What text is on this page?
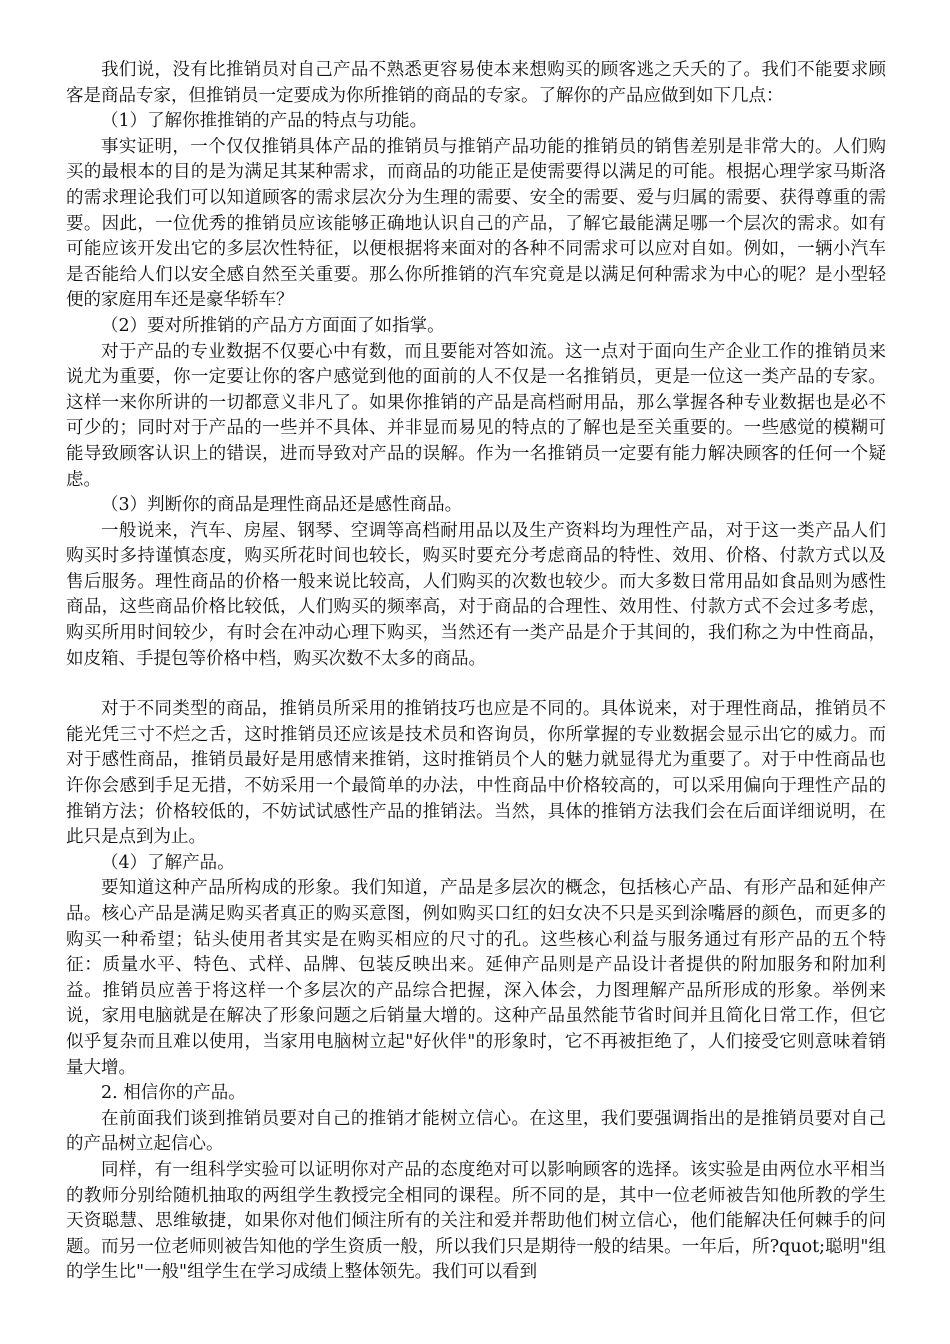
我们说，没有比推销员对自己产品不熟悉更容易使本来想购买的顾客逃之夭夭的了。我们不能要求顾客是商品专家，但推销员一定要成为你所推销的商品的专家。了解你的产品应做到如下几点：

（1）了解你推推销的产品的特点与功能。

事实证明，一个仅仅推销具体产品的推销员与推销产品功能的推销员的销售差别是非常大的。人们购买的最根本的目的是为满足其某种需求，而商品的功能正是使需要得以满足的可能。根据心理学家马斯洛的需求理论我们可以知道顾客的需求层次分为生理的需要、安全的需要、爱与归属的需要、获得尊重的需要。因此，一位优秀的推销员应该能够正确地认识自己的产品，了解它最能满足哪一个层次的需求。如有可能应该开发出它的多层次性特征，以便根据将来面对的各种不同需求可以应对自如。例如，一辆小汽车是否能给人们以安全感自然至关重要。那么你所推销的汽车究竟是以满足何种需求为中心的呢？是小型轻便的家庭用车还是豪华轿车？

（2）要对所推销的产品方方面面了如指掌。

对于产品的专业数据不仅要心中有数，而且要能对答如流。这一点对于面向生产企业工作的推销员来说尤为重要，你一定要让你的客户感觉到他的面前的人不仅是一名推销员，更是一位这一类产品的专家。这样一来你所讲的一切都意义非凡了。如果你推销的产品是高档耐用品，那么掌握各种专业数据也是必不可少的；同时对于产品的一些并不具体、并非显而易见的特点的了解也是至关重要的。一些感觉的模糊可能导致顾客认识上的错误，进而导致对产品的误解。作为一名推销员一定要有能力解决顾客的任何一个疑虑。

（3）判断你的商品是理性商品还是感性商品。

一般说来，汽车、房屋、钢琴、空调等高档耐用品以及生产资料均为理性产品，对于这一类产品人们购买时多持谨慎态度，购买所花时间也较长，购买时要充分考虑商品的特性、效用、价格、付款方式以及售后服务。理性商品的价格一般来说比较高，人们购买的次数也较少。而大多数日常用品如食品则为感性商品，这些商品价格比较低，人们购买的频率高，对于商品的合理性、效用性、付款方式不会过多考虑，购买所用时间较少，有时会在冲动心理下购买，当然还有一类产品是介于其间的，我们称之为中性商品，如皮箱、手提包等价格中档，购买次数不太多的商品。

对于不同类型的商品，推销员所采用的推销技巧也应是不同的。具体说来，对于理性商品，推销员不能光凭三寸不烂之舌，这时推销员还应该是技术员和咨询员，你所掌握的专业数据会显示出它的威力。而对于感性商品，推销员最好是用感情来推销，这时推销员个人的魅力就显得尤为重要了。对于中性商品也许你会感到手足无措，不妨采用一个最简单的办法，中性商品中价格较高的，可以采用偏向于理性产品的推销方法；价格较低的，不妨试试感性产品的推销法。当然，具体的推销方法我们会在后面详细说明，在此只是点到为止。

（4）了解产品。

要知道这种产品所构成的形象。我们知道，产品是多层次的概念，包括核心产品、有形产品和延伸产品。核心产品是满足购买者真正的购买意图，例如购买口红的妇女决不只是买到涂嘴唇的颜色，而更多的购买一种希望；钻头使用者其实是在购买相应的尺寸的孔。这些核心利益与服务通过有形产品的五个特征：质量水平、特色、式样、品牌、包装反映出来。延伸产品则是产品设计者提供的附加服务和附加利益。推销员应善于将这样一个多层次的产品综合把握，深入体会，力图理解产品所形成的形象。举例来说，家用电脑就是在解决了形象问题之后销量大增的。这种产品虽然能节省时间并且简化日常工作，但它似乎复杂而且难以使用，当家用电脑树立起"好伙伴"的形象时，它不再被拒绝了，人们接受它则意味着销量大增。

2. 相信你的产品。

在前面我们谈到推销员要对自己的推销才能树立信心。在这里，我们要强调指出的是推销员要对自己的产品树立起信心。

同样，有一组科学实验可以证明你对产品的态度绝对可以影响顾客的选择。该实验是由两位水平相当的教师分别给随机抽取的两组学生教授完全相同的课程。所不同的是，其中一位老师被告知他所教的学生天资聪慧、思维敏捷，如果你对他们倾注所有的关注和爱并帮助他们树立信心，他们能解决任何棘手的问题。而另一位老师则被告知他的学生资质一般，所以我们只是期待一般的结果。一年后，所?quot;聪明"组的学生比"一般"组学生在学习成绩上整体领先。我们可以看到
